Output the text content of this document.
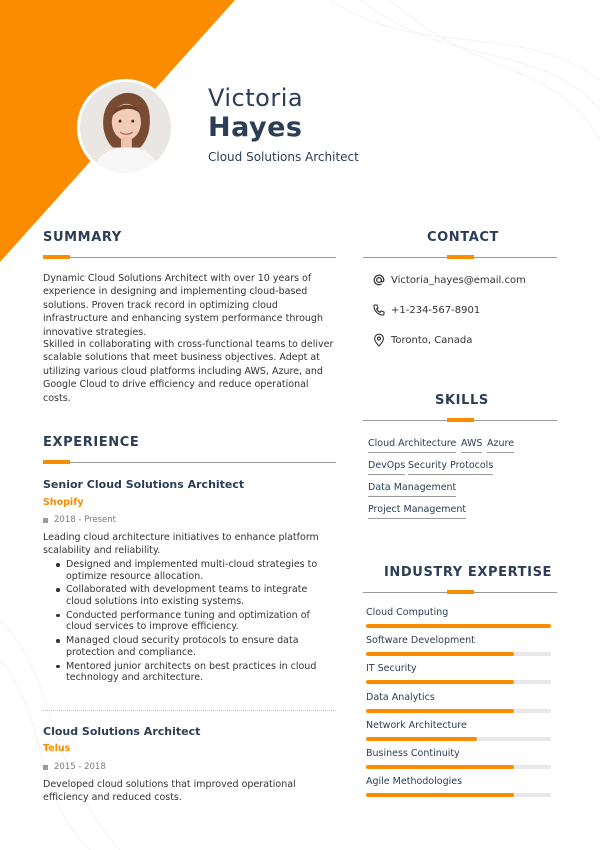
Victoria
Hayes
Cloud Solutions Architect
SUMMARY
Dynamic Cloud Solutions Architect with over 10 years of experience in designing and implementing cloud-based solutions. Proven track record in optimizing cloud infrastructure and enhancing system performance through innovative strategies.
Skilled in collaborating with cross-functional teams to deliver scalable solutions that meet business objectives. Adept at utilizing various cloud platforms including AWS, Azure, and Google Cloud to drive efficiency and reduce operational costs.
CONTACT
Victoria_hayes@email.com
+1-234-567-8901
Toronto, Canada
SKILLS
Cloud Architecture AWS Azure
DevOps Security Protocols
Data Management
Project Management
EXPERIENCE
Senior Cloud Solutions Architect
Shopify
2018 - Present
Leading cloud architecture initiatives to enhance platform scalability and reliability.
Designed and implemented multi-cloud strategies to optimize resource allocation.
Collaborated with development teams to integrate cloud solutions into existing systems.
Conducted performance tuning and optimization of cloud services to improve efficiency.
Managed cloud security protocols to ensure data protection and compliance.
Mentored junior architects on best practices in cloud technology and architecture.
Cloud Solutions Architect
Telus
2015 - 2018
Developed cloud solutions that improved operational efficiency and reduced costs.
INDUSTRY EXPERTISE
Cloud Computing
Software Development
IT Security
Data Analytics
Network Architecture
Business Continuity
Agile Methodologies
